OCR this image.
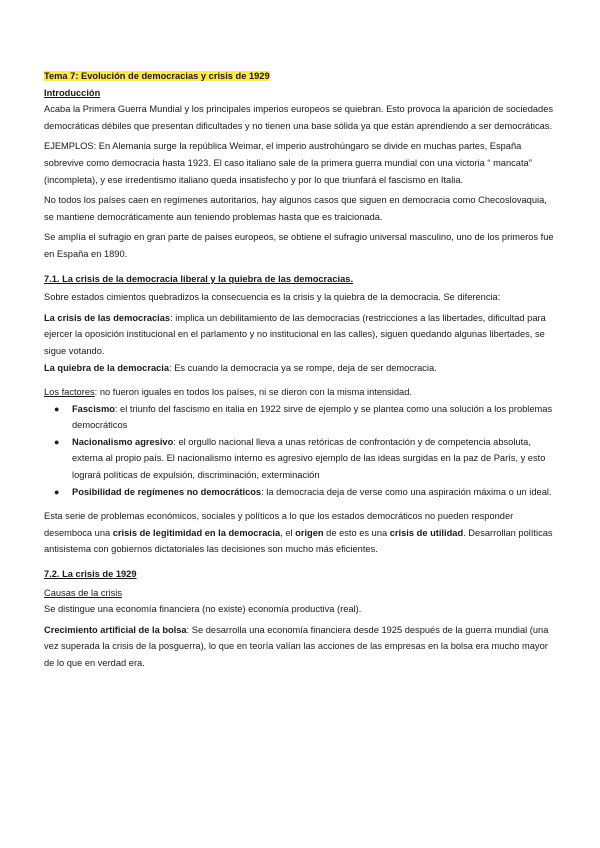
Tema 7: Evolución de democracias y crisis de 1929

Introducción

Acaba la Primera Guerra Mundial y los principales imperios europeos se quiebran. Esto provoca la aparición de sociedades democráticas débiles que presentan dificultades y no tienen una base sólida ya que están aprendiendo a ser democráticas.

EJEMPLOS: En Alemania surge la república Weimar, el imperio austrohúngaro se divide en muchas partes, España sobrevive como democracia hasta 1923. El caso italiano sale de la primera guerra mundial con una victoria “ mancata” (incompleta), y ese irredentismo italiano queda insatisfecho y por lo que triunfará el fascismo en Italia.

No todos los países caen en regímenes autoritarios, hay algunos casos que siguen en democracia como Checoslovaquia, se mantiene democráticamente aun teniendo problemas hasta que es traicionada.

Se amplía el sufragio en gran parte de países europeos, se obtiene el sufragio universal masculino, uno de los primeros fue en España en 1890.

7.1. La crisis de la democracia liberal y la quiebra de las democracias.

Sobre estados cimientos quebradizos la consecuencia es la crisis y la quiebra de la democracia. Se diferencia:

La crisis de las democracias: implica un debilitamiento de las democracias (restricciones a las libertades, dificultad para ejercer la oposición institucional en el parlamento y no institucional en las calles), siguen quedando algunas libertades, se sigue votando.

La quiebra de la democracia: Es cuando la democracia ya se rompe, deja de ser democracia.

Los factores: no fueron iguales en todos los países, ni se dieron con la misma intensidad.

● Fascismo: el triunfo del fascismo en italia en 1922 sirve de ejemplo y se plantea como una solución a los problemas democráticos
● Nacionalismo agresivo: el orgullo nacional lleva a unas retóricas de confrontación y de competencia absoluta, externa al propio país. El nacionalismo interno es agresivo ejemplo de las ideas surgidas en la paz de París, y esto logrará políticas de expulsión, discriminación, exterminación
● Posibilidad de regímenes no democráticos: la democracia deja de verse como una aspiración máxima o un ideal.

Esta serie de problemas económicos, sociales y políticos a lo que los estados democráticos no pueden responder desemboca una crisis de legitimidad en la democracia, el origen de esto es una crisis de utilidad. Desarrollan políticas antisistema con gobiernos dictatoriales las decisiones son mucho más eficientes.

7.2. La crisis de 1929

Causas de la crisis

Se distingue una economía financiera (no existe) economía productiva (real).

Crecimiento artificial de la bolsa: Se desarrolla una economía financiera desde 1925 después de la guerra mundial (una vez superada la crisis de la posguerra), lo que en teoría valían las acciones de las empresas en la bolsa era mucho mayor de lo que en verdad era.
